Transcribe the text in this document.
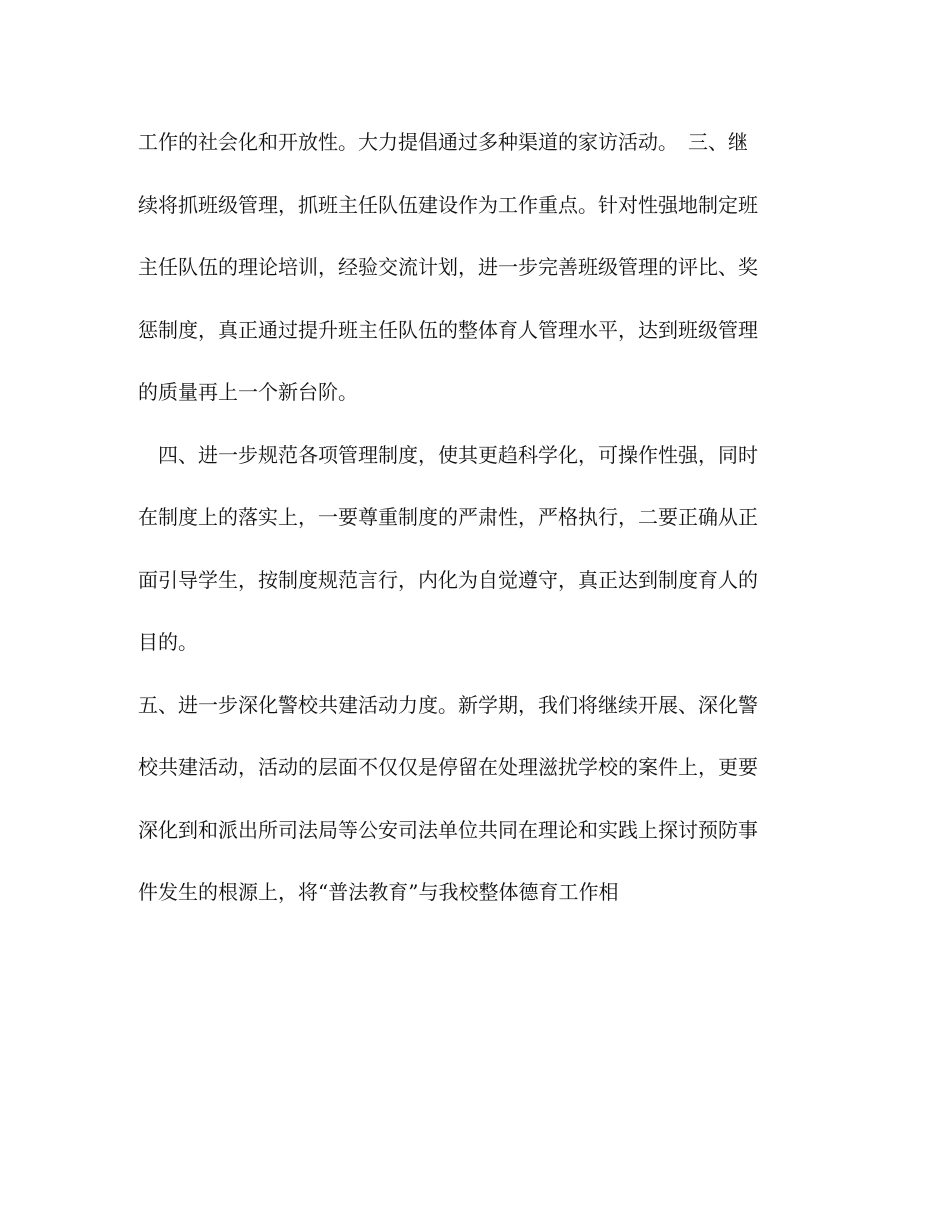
工作的社会化和开放性。大力提倡通过多种渠道的家访活动。　三、继
续将抓班级管理，抓班主任队伍建设作为工作重点。针对性强地制定班
主任队伍的理论培训，经验交流计划，进一步完善班级管理的评比、奖
惩制度，真正通过提升班主任队伍的整体育人管理水平，达到班级管理
的质量再上一个新台阶。
　四、进一步规范各项管理制度，使其更趋科学化，可操作性强，同时
在制度上的落实上，一要尊重制度的严肃性，严格执行，二要正确从正
面引导学生，按制度规范言行，内化为自觉遵守，真正达到制度育人的
目的。
五、进一步深化警校共建活动力度。新学期，我们将继续开展、深化警
校共建活动，活动的层面不仅仅是停留在处理滋扰学校的案件上，更要
深化到和派出所司法局等公安司法单位共同在理论和实践上探讨预防事
件发生的根源上，将“普法教育”与我校整体德育工作相
